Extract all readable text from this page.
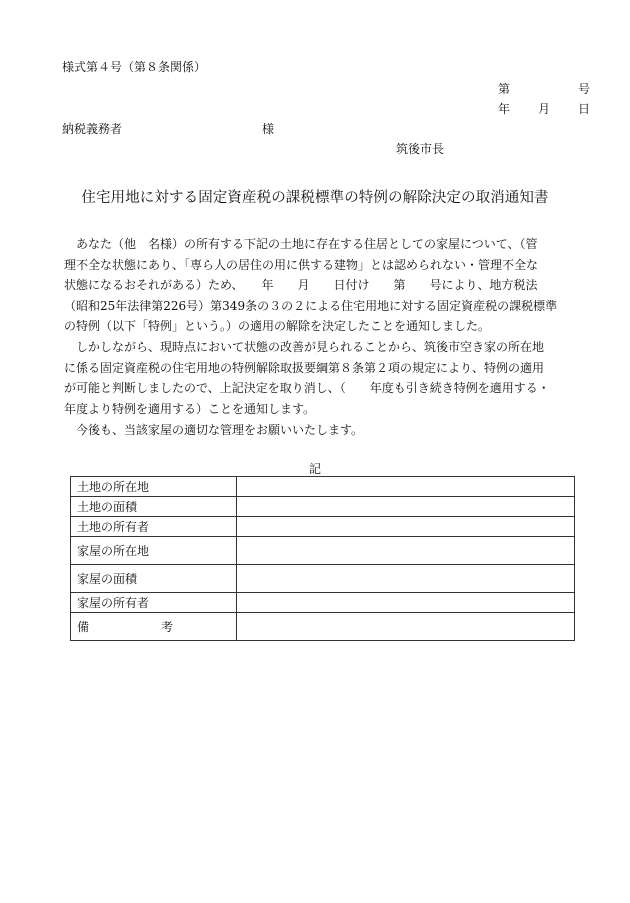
様式第４号（第８条関係）
第	号
年 月 日
納税義務者	様
筑後市長
住宅用地に対する固定資産税の課税標準の特例の解除決定の取消通知書
　あなた（他　名様）の所有する下記の土地に存在する住居としての家屋について、（管
理不全な状態にあり、「専ら人の居住の用に供する建物」とは認められない・管理不全な
状態になるおそれがある）ため、　　年　　月　　日付け　　第　　号により、地方税法
（昭和25年法律第226号）第349条の３の２による住宅用地に対する固定資産税の課税標準
の特例（以下「特例」という。）の適用の解除を決定したことを通知しました。
　しかしながら、現時点において状態の改善が見られることから、筑後市空き家の所在地
に係る固定資産税の住宅用地の特例解除取扱要綱第８条第２項の規定により、特例の適用
が可能と判断しましたので、上記決定を取り消し、（　　年度も引き続き特例を適用する・
年度より特例を適用する）ことを通知します。
　今後も、当該家屋の適切な管理をお願いいたします。
記
土地の所在地	
土地の面積	
土地の所有者	
家屋の所在地	
家屋の面積	
家屋の所有者	

備 考	
